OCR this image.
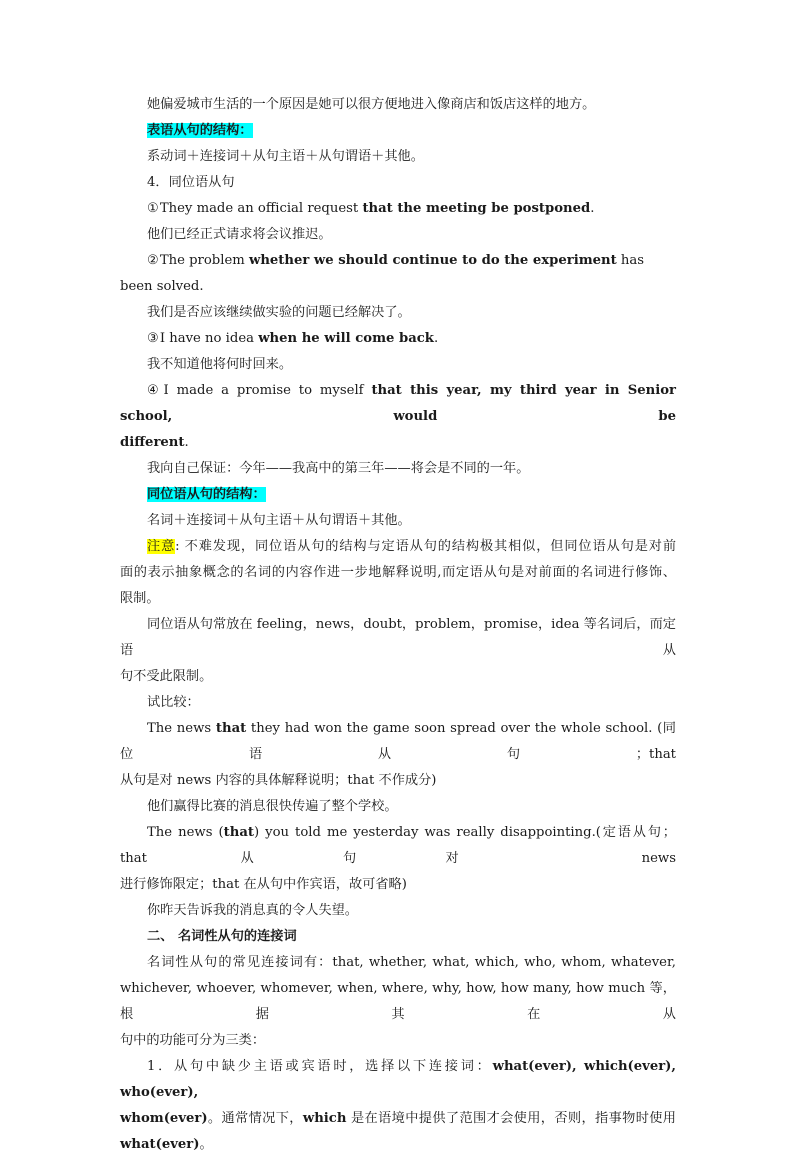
她偏爱城市生活的一个原因是她可以很方便地进入像商店和饭店这样的地方。

表语从句的结构：

系动词＋连接词＋从句主语＋从句谓语＋其他。

4．同位语从句

①They made an official request that the meeting be postponed.

他们已经正式请求将会议推迟。

②The problem whether we should continue to do the experiment has been solved.

我们是否应该继续做实验的问题已经解决了。

③I have no idea when he will come back.

我不知道他将何时回来。

④I made a promise to myself that this year, my third year in Senior school, would be

different.

我向自己保证：今年——我高中的第三年——将会是不同的一年。

同位语从句的结构：

名词＋连接词＋从句主语＋从句谓语＋其他。

注意: 不难发现，同位语从句的结构与定语从句的结构极其相似，但同位语从句是对前

面的表示抽象概念的名词的内容作进一步地解释说明,而定语从句是对前面的名词进行修饰、

限制。

同位语从句常放在 feeling，news，doubt，problem，promise，idea 等名词后，而定语从

句不受此限制。

试比较：

The news that they had won the game soon spread over the whole school. (同位语从句；that

从句是对 news 内容的具体解释说明；that 不作成分)

他们赢得比赛的消息很快传遍了整个学校。

The news (that) you told me yesterday was really disappointing.(定语从句；that 从句对 news

进行修饰限定；that 在从句中作宾语，故可省略)

你昨天告诉我的消息真的令人失望。

二、 名词性从句的连接词

名词性从句的常见连接词有：that, whether, what, which, who, whom, whatever,

whichever, whoever, whomever, when, where, why, how, how many, how much 等，根据其在从

句中的功能可分为三类：

1．从句中缺少主语或宾语时，选择以下连接词：what(ever), which(ever), who(ever),

whom(ever)。通常情况下，which 是在语境中提供了范围才会使用，否则，指事物时使用

what(ever)。
